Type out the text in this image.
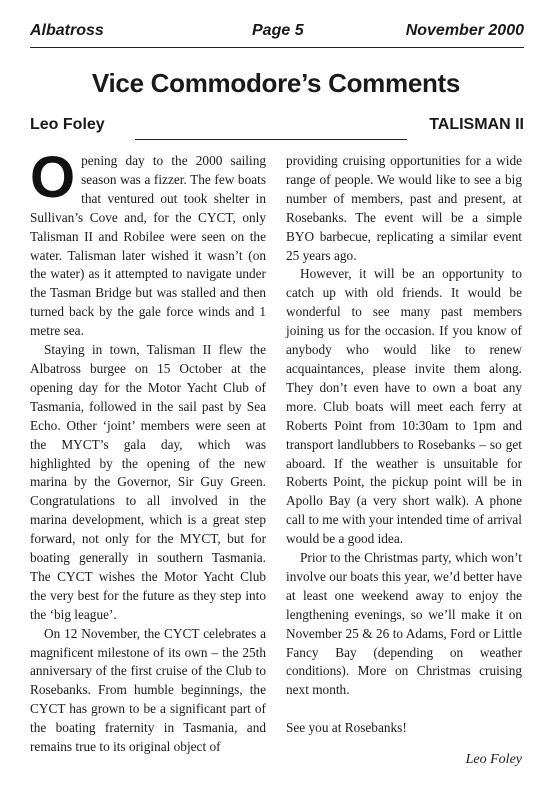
Albatross	Page 5	November 2000
Vice Commodore’s Comments
Leo Foley	TALISMAN II

O pening day to the 2000 sailing season was a fizzer. The few boats that ventured out took shelter in Sullivan’s Cove and, for the CYCT, only Talisman II and Robilee were seen on the water. Talisman later wished it wasn’t (on the water) as it attempted to navigate under the Tasman Bridge but was stalled and then turned back by the gale force winds and 1 metre sea.

Staying in town, Talisman II flew the Albatross burgee on 15 October at the opening day for the Motor Yacht Club of Tasmania, followed in the sail past by Sea Echo. Other ‘joint’ members were seen at the MYCT’s gala day, which was highlighted by the opening of the new marina by the Governor, Sir Guy Green. Congratulations to all involved in the marina development, which is a great step forward, not only for the MYCT, but for boating generally in southern Tasmania. The CYCT wishes the Motor Yacht Club the very best for the future as they step into the ‘big league’.

On 12 November, the CYCT celebrates a magnificent milestone of its own – the 25th anniversary of the first cruise of the Club to Rosebanks. From humble beginnings, the CYCT has grown to be a significant part of the boating fraternity in Tasmania, and remains true to its original object of

providing cruising opportunities for a wide range of people. We would like to see a big number of members, past and present, at Rosebanks. The event will be a simple BYO barbecue, replicating a similar event 25 years ago.

However, it will be an opportunity to catch up with old friends. It would be wonderful to see many past members joining us for the occasion. If you know of anybody who would like to renew acquaintances, please invite them along. They don’t even have to own a boat any more. Club boats will meet each ferry at Roberts Point from 10:30am to 1pm and transport landlubbers to Rosebanks – so get aboard. If the weather is unsuitable for Roberts Point, the pickup point will be in Apollo Bay (a very short walk). A phone call to me with your intended time of arrival would be a good idea.

Prior to the Christmas party, which won’t involve our boats this year, we’d better have at least one weekend away to enjoy the lengthening evenings, so we’ll make it on November 25 & 26 to Adams, Ford or Little Fancy Bay (depending on weather conditions). More on Christmas cruising next month.

See you at Rosebanks!

Leo Foley
